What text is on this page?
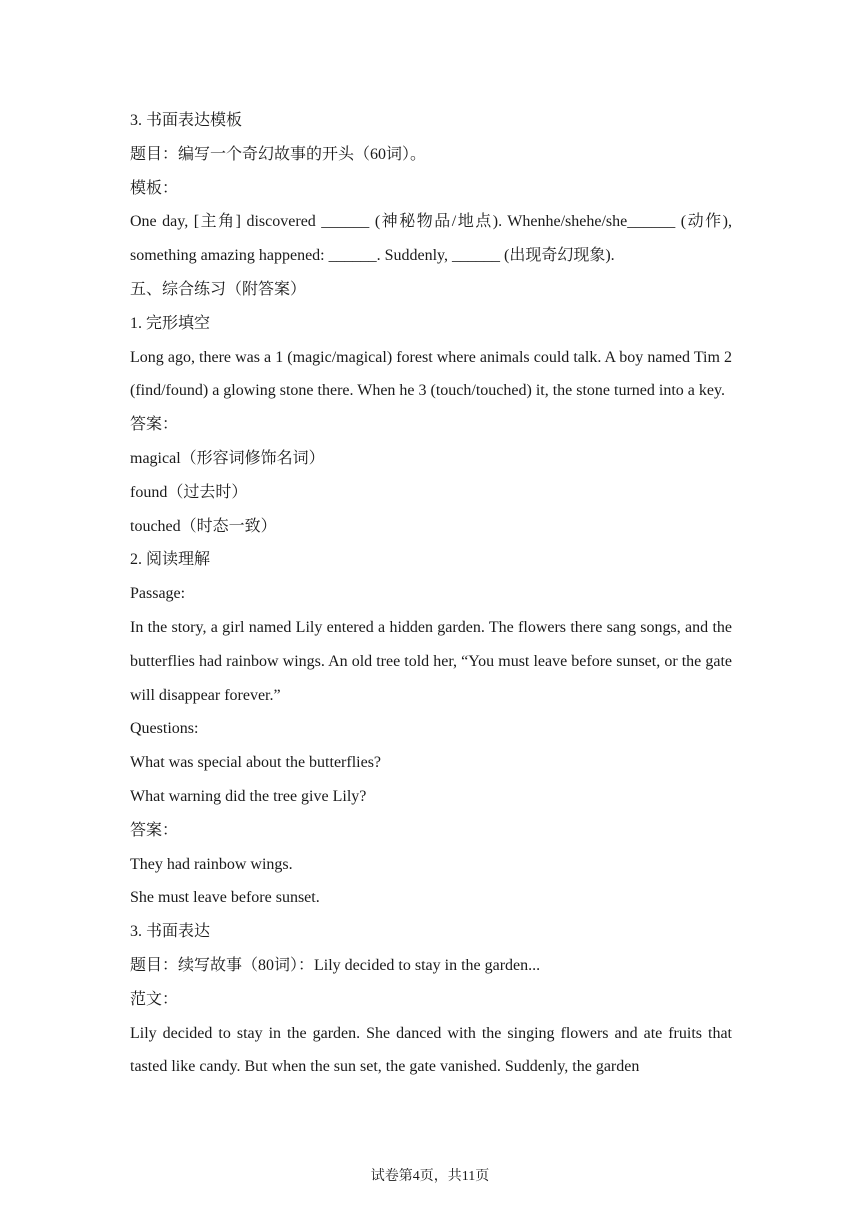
3. 书面表达模板

题目：编写一个奇幻故事的开头（60词）。

模板：

One day, [主角] discovered ______ (神秘物品/地点). Whenhe/shehe/she______ (动作), something amazing happened: ______. Suddenly, ______ (出现奇幻现象).

五、综合练习（附答案）

1. 完形填空

Long ago, there was a 1 (magic/magical) forest where animals could talk. A boy named Tim 2 (find/found) a glowing stone there. When he 3 (touch/touched) it, the stone turned into a key.

答案：

magical（形容词修饰名词）

found（过去时）

touched（时态一致）

2. 阅读理解

Passage:

In the story, a girl named Lily entered a hidden garden. The flowers there sang songs, and the butterflies had rainbow wings. An old tree told her, “You must leave before sunset, or the gate will disappear forever.”

Questions:

What was special about the butterflies?

What warning did the tree give Lily?

答案：

They had rainbow wings.

She must leave before sunset.

3. 书面表达

题目：续写故事（80词）：Lily decided to stay in the garden...

范文：

Lily decided to stay in the garden. She danced with the singing flowers and ate fruits that tasted like candy. But when the sun set, the gate vanished. Suddenly, the garden

试卷第4页，共11页
